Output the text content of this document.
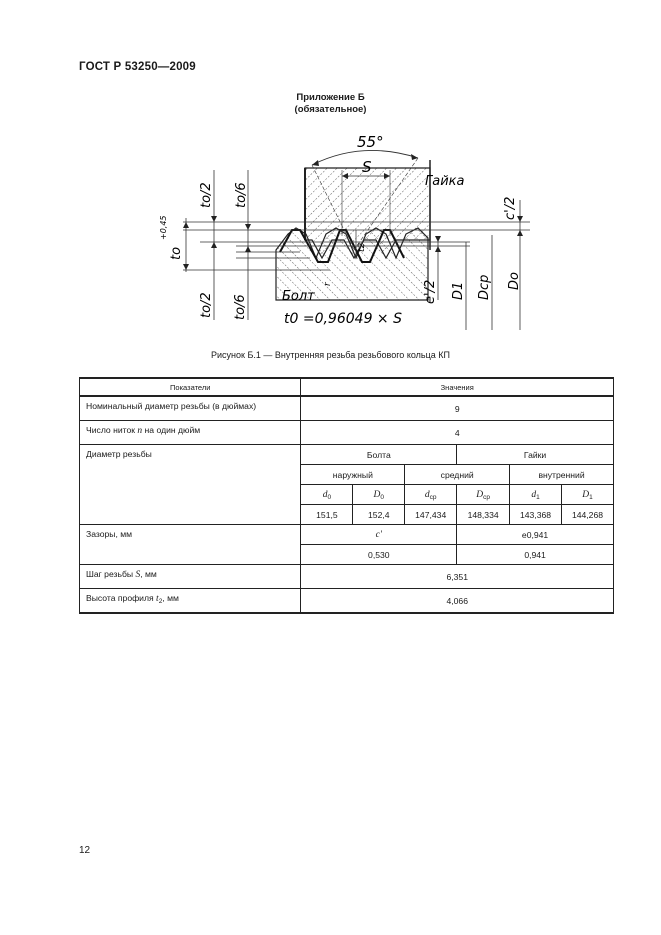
ГОСТ Р 53250—2009
Приложение Б
(обязательное)
55°
S
Гайка
Болт
t0 =0,96049 × S
to/2 to/6
to
+0,45
to/2 to/6
c'/2
e'/2 D1 Dcp Do
t2
r
Рисунок Б.1 — Внутренняя резьба резьбового кольца КП
Показатели	Значения					
Номинальный диаметр резьбы (в дюймах)	9					
Число ниток n на один дюйм	4					
Диаметр резьбы	Болта			Гайки		
	наружный		средний		внутренний	
	$d_0$	$D_0$	$d_{ср}$	$D_{ср}$	$d_1$	$D_1$
	151,5	152,4	147,434	148,334	143,368	144,268
Зазоры, мм	c'			e0,941		
	0,530			0,941		
Шаг резьбы S, мм	6,351					
Высота профиля $t_2$, мм	4,066					
12
